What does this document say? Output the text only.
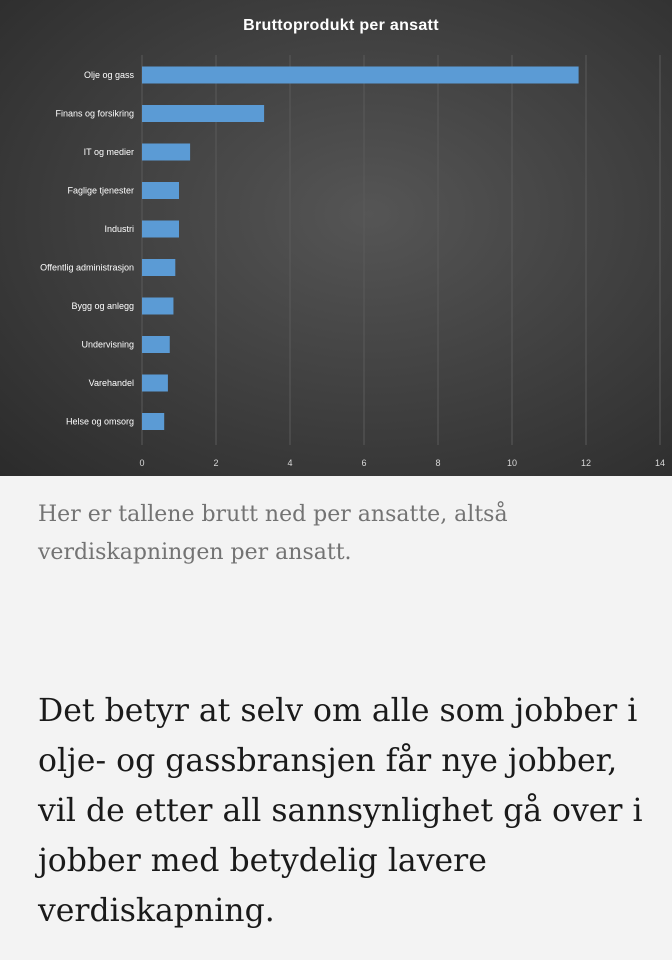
Olje og gass
Finans og forsikring
IT og medier
Faglige tjenester
Industri
Offentlig administrasjon
Bygg og anlegg
Undervisning
Varehandel
Helse og omsorg
0	2	4	6	8	10	12	14
Bruttoprodukt per ansatt

Her er tallene brutt ned per ansatte, altså verdiskapningen per ansatt.

Det betyr at selv om alle som jobber i olje- og gassbransjen får nye jobber, vil de etter all sannsynlighet gå over i jobber med betydelig lavere verdiskapning.
